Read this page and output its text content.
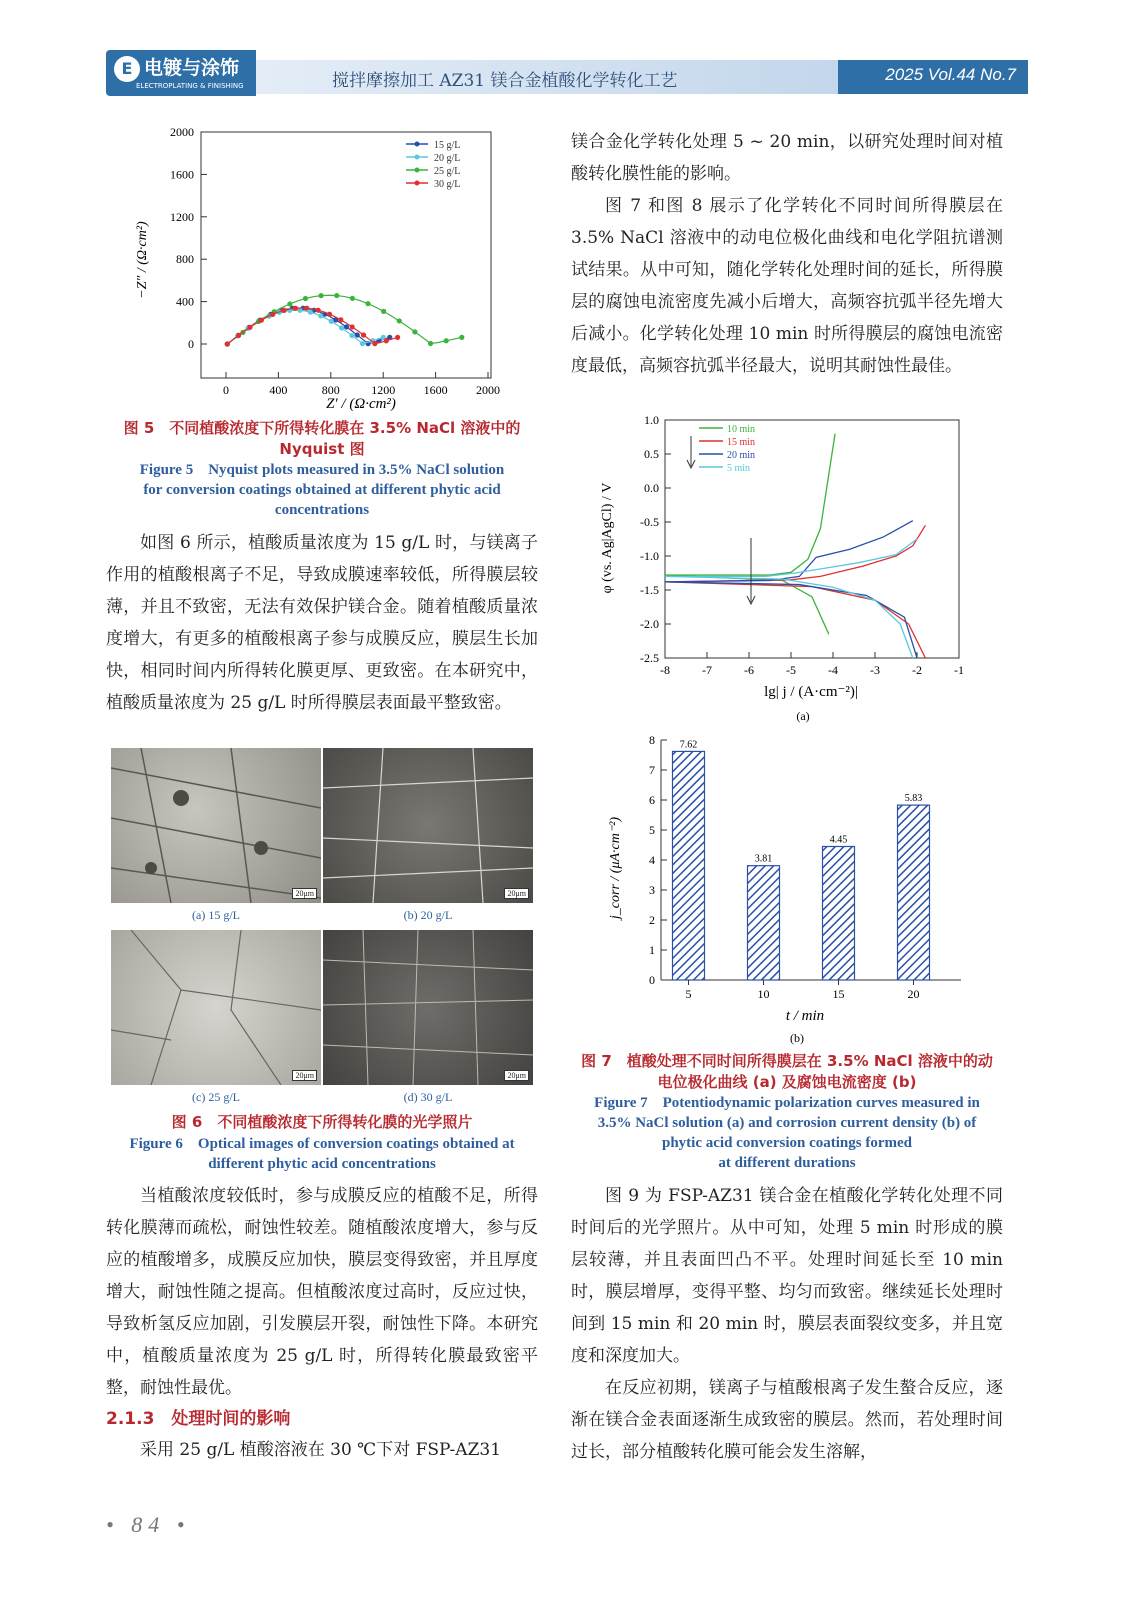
E 电镀与涂饰
ELECTROPLATING & FINISHING	搅拌摩擦加工 AZ31 镁合金植酸化学转化工艺	2025 Vol.44 No.7
0
400
800
1200
1600
2000
0	400	800	1200 1600 2000
15 g/L
20 g/L
25 g/L
30 g/L
−Z″ / (Ω·cm²)
Z′ / (Ω·cm²)
图 5　不同植酸浓度下所得转化膜在 3.5% NaCl 溶液中的 Nyquist 图
Figure 5　Nyquist plots measured in 3.5% NaCl solution
for conversion coatings obtained at different phytic acid
concentrations
如图 6 所示，植酸质量浓度为 15 g/L 时，与镁离子作用的植酸根离子不足，导致成膜速率较低，所得膜层较薄，并且不致密，无法有效保护镁合金。随着植酸质量浓度增大，有更多的植酸根离子参与成膜反应，膜层生长加快，相同时间内所得转化膜更厚、更致密。在本研究中，植酸质量浓度为 25 g/L 时所得膜层表面最平整致密。
20μm	20μm
(a) 15 g/L	(b) 20 g/L
20μm	20μm
(c) 25 g/L	(d) 30 g/L
图 6　不同植酸浓度下所得转化膜的光学照片
Figure 6　Optical images of conversion coatings obtained at
different phytic acid concentrations
当植酸浓度较低时，参与成膜反应的植酸不足，所得转化膜薄而疏松，耐蚀性较差。随植酸浓度增大，参与反应的植酸增多，成膜反应加快，膜层变得致密，并且厚度增大，耐蚀性随之提高。但植酸浓度过高时，反应过快，导致析氢反应加剧，引发膜层开裂，耐蚀性下降。本研究中，植酸质量浓度为 25 g/L 时，所得转化膜最致密平整，耐蚀性最优。
2.1.3　处理时间的影响
采用 25 g/L 植酸溶液在 30 ℃下对 FSP-AZ31
镁合金化学转化处理 5 ~ 20 min，以研究处理时间对植酸转化膜性能的影响。
图 7 和图 8 展示了化学转化不同时间所得膜层在 3.5% NaCl 溶液中的动电位极化曲线和电化学阻抗谱测试结果。从中可知，随化学转化处理时间的延长，所得膜层的腐蚀电流密度先减小后增大，高频容抗弧半径先增大后减小。化学转化处理 10 min 时所得膜层的腐蚀电流密度最低，高频容抗弧半径最大，说明其耐蚀性最佳。
1.0
0.5
0.0
-0.5
-1.0
-1.5
-2.0
-2.5
-8	-7	-6	-5	-4	-3	-2	-1
10 min
15 min
20 min
5 min
φ (vs. Ag|AgCl) / V
lg| j / (A·cm⁻²)|
(a)
0
1
2
3
4
5
6
7
8 7.62
5
3.81
10
4.45
15
5.83
20
j_corr / (μA·cm⁻²)
t / min
(b)
图 7　植酸处理不同时间所得膜层在 3.5% NaCl 溶液中的动
电位极化曲线 (a) 及腐蚀电流密度 (b)
Figure 7　Potentiodynamic polarization curves measured in
3.5% NaCl solution (a) and corrosion current density (b) of
phytic acid conversion coatings formed
at different durations
图 9 为 FSP-AZ31 镁合金在植酸化学转化处理不同时间后的光学照片。从中可知，处理 5 min 时形成的膜层较薄，并且表面凹凸不平。处理时间延长至 10 min 时，膜层增厚，变得平整、均匀而致密。继续延长处理时间到 15 min 和 20 min 时，膜层表面裂纹变多，并且宽度和深度加大。
在反应初期，镁离子与植酸根离子发生螯合反应，逐渐在镁合金表面逐渐生成致密的膜层。然而，若处理时间过长，部分植酸转化膜可能会发生溶解，
• 84 •
